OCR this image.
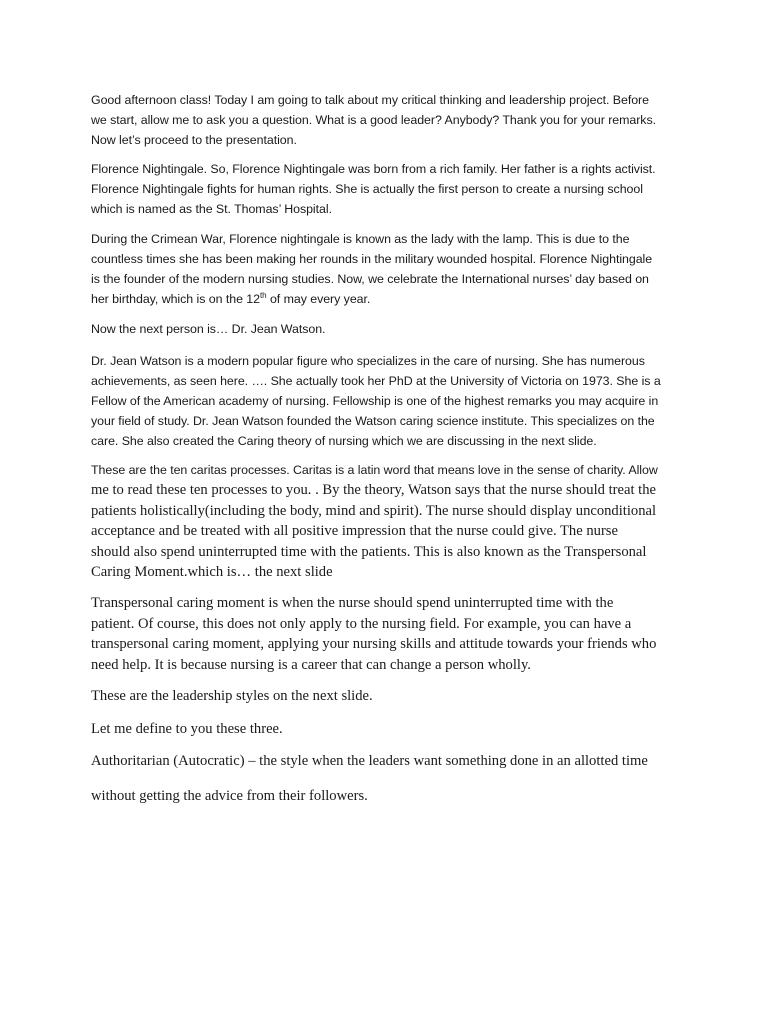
Good afternoon class! Today I am going to talk about my critical thinking and leadership project. Before
we start, allow me to ask you a question. What is a good leader? Anybody? Thank you for your remarks.
Now let’s proceed to the presentation.
Florence Nightingale. So, Florence Nightingale was born from a rich family. Her father is a rights activist.
Florence Nightingale fights for human rights. She is actually the first person to create a nursing school
which is named as the St. Thomas’ Hospital.
During the Crimean War, Florence nightingale is known as the lady with the lamp. This is due to the
countless times she has been making her rounds in the military wounded hospital. Florence Nightingale
is the founder of the modern nursing studies. Now, we celebrate the International nurses’ day based on
her birthday, which is on the 12th of may every year.
Now the next person is… Dr. Jean Watson.
Dr. Jean Watson is a modern popular figure who specializes in the care of nursing. She has numerous
achievements, as seen here. …. She actually took her PhD at the University of Victoria on 1973. She is a
Fellow of the American academy of nursing. Fellowship is one of the highest remarks you may acquire in
your field of study. Dr. Jean Watson founded the Watson caring science institute. This specializes on the
care. She also created the Caring theory of nursing which we are discussing in the next slide.
These are the ten caritas processes. Caritas is a latin word that means love in the sense of charity. Allow
me to read these ten processes to you. . By the theory, Watson says that the nurse should treat the
patients holistically(including the body, mind and spirit). The nurse should display unconditional
acceptance and be treated with all positive impression that the nurse could give. The nurse
should also spend uninterrupted time with the patients. This is also known as the Transpersonal
Caring Moment.which is… the next slide
Transpersonal caring moment is when the nurse should spend uninterrupted time with the
patient. Of course, this does not only apply to the nursing field. For example, you can have a
transpersonal caring moment, applying your nursing skills and attitude towards your friends who
need help. It is because nursing is a career that can change a person wholly.
These are the leadership styles on the next slide.
Let me define to you these three.
Authoritarian (Autocratic) – the style when the leaders want something done in an allotted time
without getting the advice from their followers.
